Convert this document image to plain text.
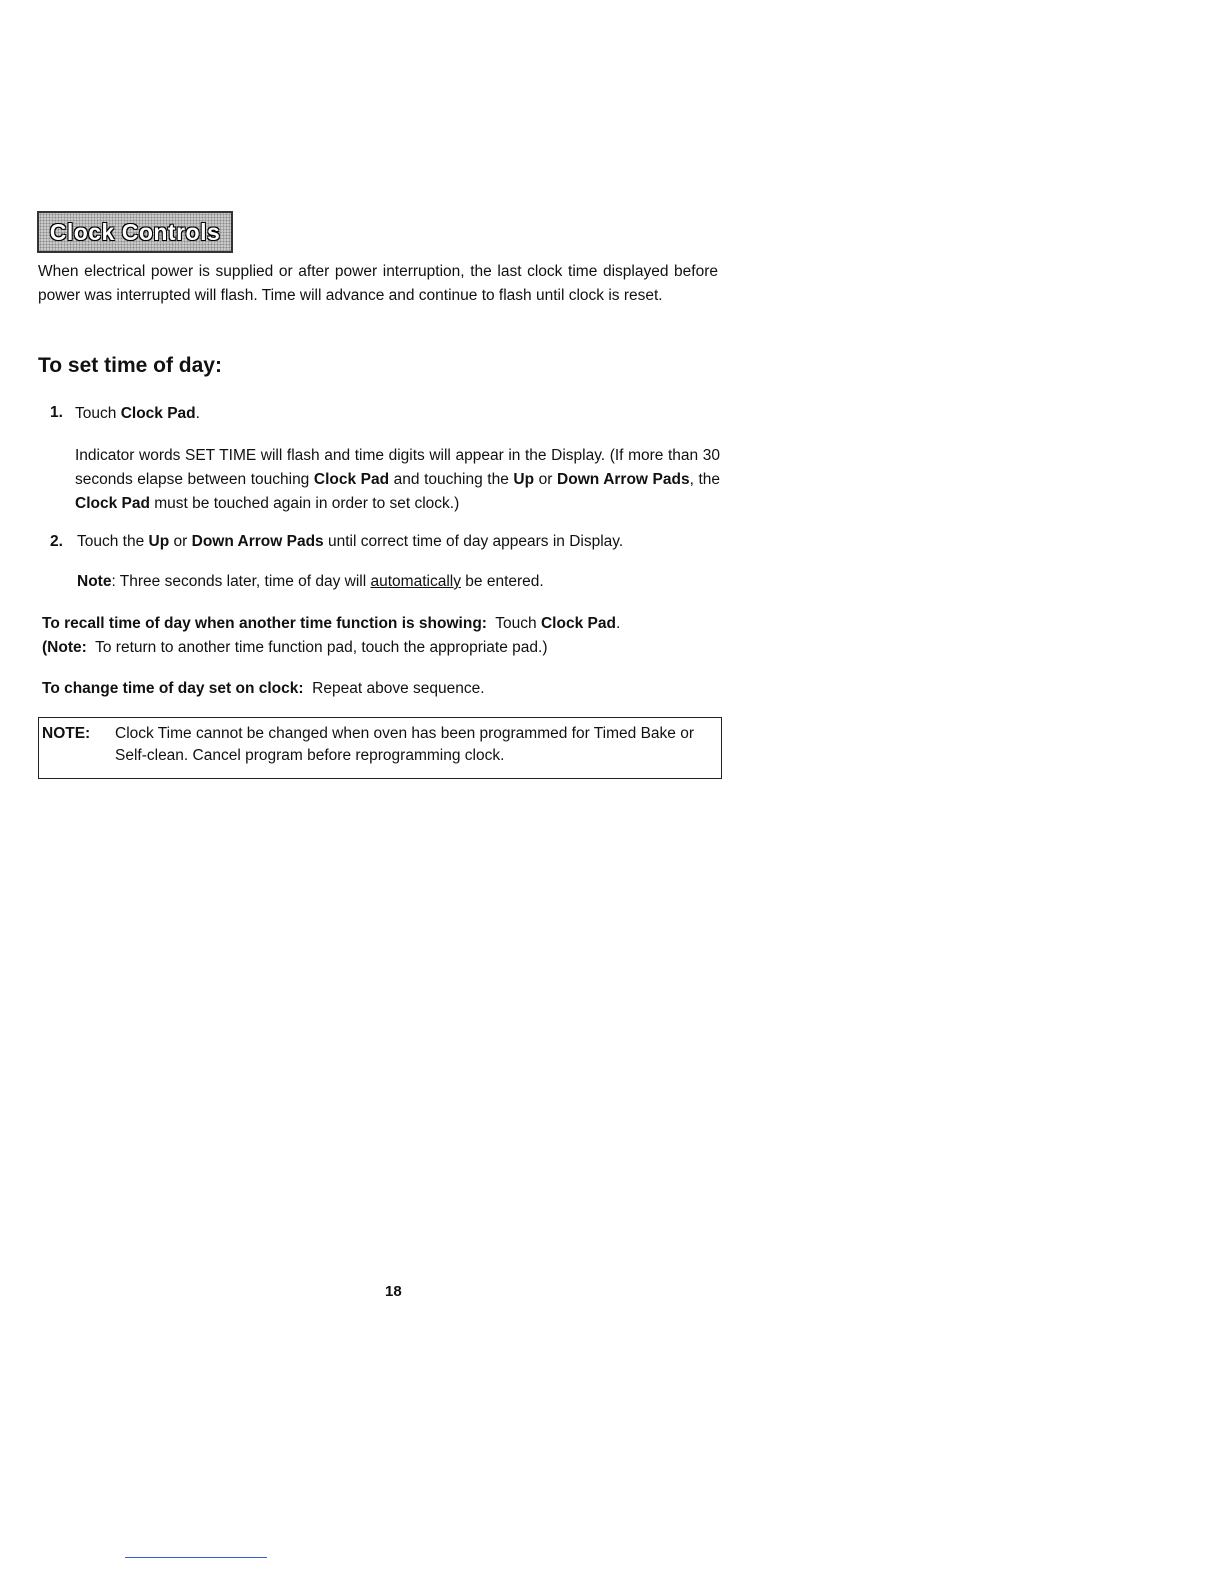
Clock Controls

When electrical power is supplied or after power interruption, the last clock time displayed before power was interrupted will flash. Time will advance and continue to flash until clock is reset.

To set time of day:
1. Touch Clock Pad.

Indicator words SET TIME will flash and time digits will appear in the Display. (If more than 30 seconds elapse between touching Clock Pad and touching the Up or Down Arrow Pads, the Clock Pad must be touched again in order to set clock.)

2. Touch the Up or Down Arrow Pads until correct time of day appears in Display.

Note: Three seconds later, time of day will automatically be entered.

To recall time of day when another time function is showing: Touch Clock Pad.
(Note: To return to another time function pad, touch the appropriate pad.)

To change time of day set on clock: Repeat above sequence.

NOTE: Clock Time cannot be changed when oven has been programmed for Timed Bake or Self-clean. Cancel program before reprogramming clock.
18
